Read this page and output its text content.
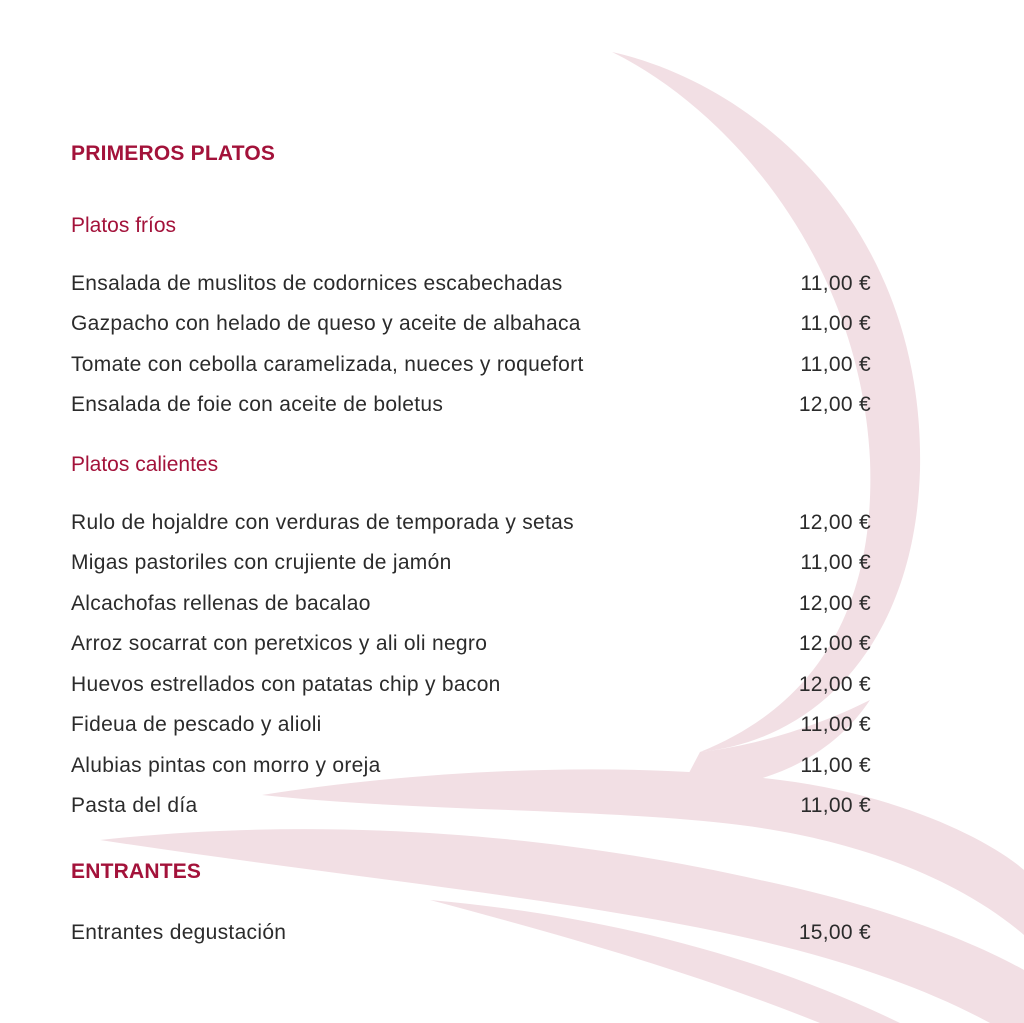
PRIMEROS PLATOS
Platos fríos
Ensalada de muslitos de codornices escabechadas	11,00 €
Gazpacho con helado de queso y aceite de albahaca	11,00 €
Tomate con cebolla caramelizada, nueces y roquefort	11,00 €
Ensalada de foie con aceite de boletus	12,00 €
Platos calientes
Rulo de hojaldre con verduras de temporada y setas	12,00 €
Migas pastoriles con crujiente de jamón	11,00 €
Alcachofas rellenas de bacalao	12,00 €
Arroz socarrat con peretxicos y ali oli negro	12,00 €
Huevos estrellados con patatas chip y bacon	12,00 €
Fideua de pescado y alioli	11,00 €
Alubias pintas con morro y oreja	11,00 €
Pasta del día	11,00 €
ENTRANTES
Entrantes degustación	15,00 €
